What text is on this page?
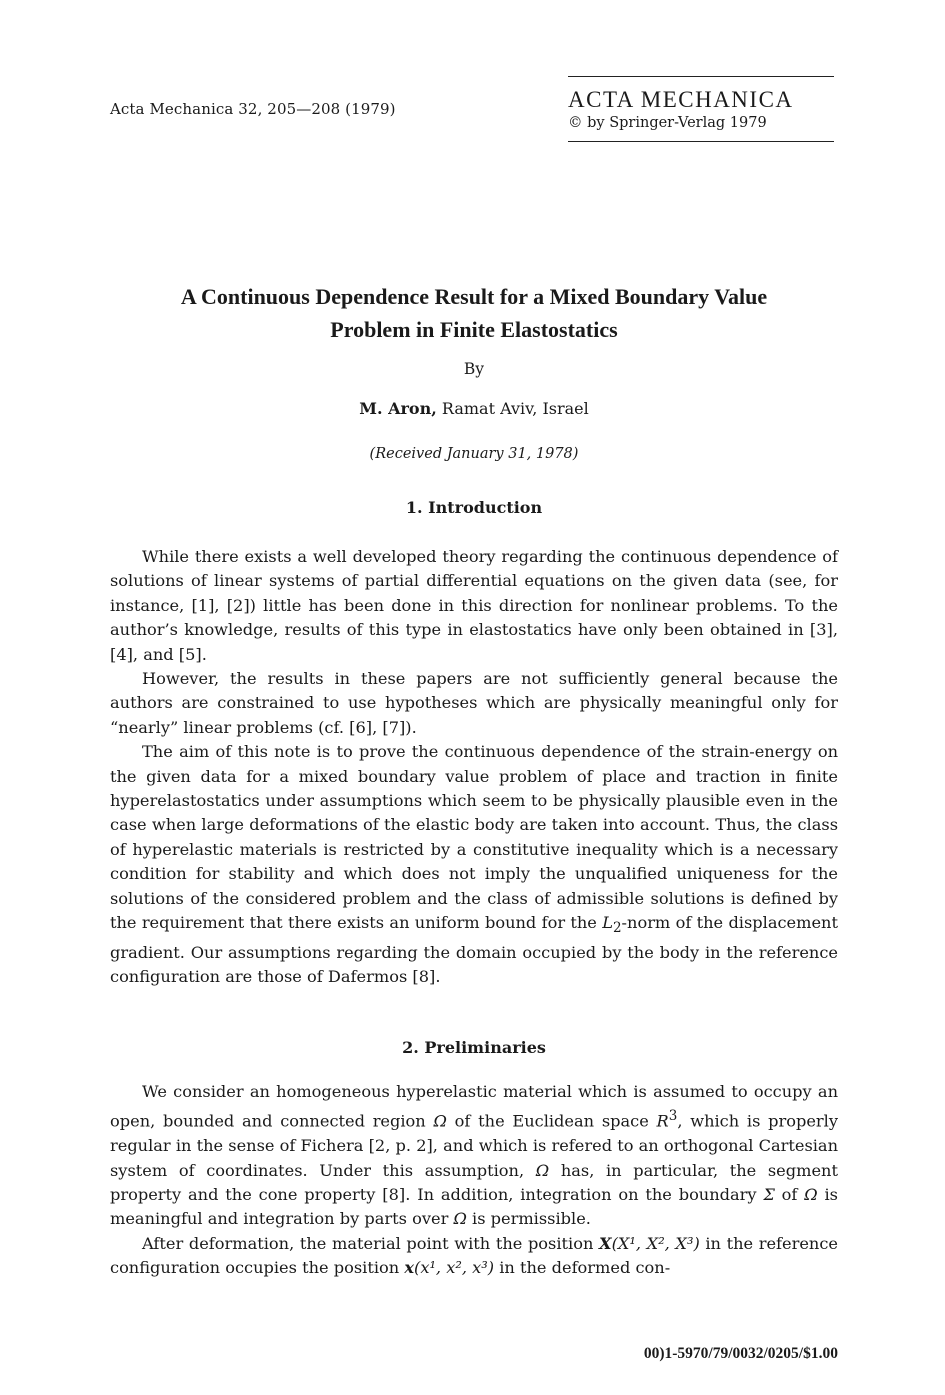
Acta Mechanica 32, 205—208 (1979)	ACTA MECHANICA
© by Springer-Verlag 1979
A Continuous Dependence Result for a Mixed Boundary Value
Problem in Finite Elastostatics
By
M. Aron, Ramat Aviv, Israel
(Received January 31, 1978)
1. Introduction

While there exists a well developed theory regarding the continuous dependence of solutions of linear systems of partial differential equations on the given data (see, for instance, [1], [2]) little has been done in this direction for nonlinear problems. To the author’s knowledge, results of this type in elastostatics have only been obtained in [3], [4], and [5].

However, the results in these papers are not sufficiently general because the authors are constrained to use hypotheses which are physically meaningful only for “nearly” linear problems (cf. [6], [7]).

The aim of this note is to prove the continuous dependence of the strain-energy on the given data for a mixed boundary value problem of place and traction in finite hyperelastostatics under assumptions which seem to be physically plausible even in the case when large deformations of the elastic body are taken into account. Thus, the class of hyperelastic materials is restricted by a constitutive inequality which is a necessary condition for stability and which does not imply the unqualified uniqueness for the solutions of the considered problem and the class of admissible solutions is defined by the requirement that there exists an uniform bound for the $L_2$-norm of the displacement gradient. Our assumptions regarding the domain occupied by the body in the reference configuration are those of Dafermos [8].

2. Preliminaries

We consider an homogeneous hyperelastic material which is assumed to occupy an open, bounded and connected region Ω of the Euclidean space $R^3$, which is properly regular in the sense of Fichera [2, p. 2], and which is refered to an orthogonal Cartesian system of coordinates. Under this assumption, Ω has, in particular, the segment property and the cone property [8]. In addition, integration on the boundary Σ of Ω is meaningful and integration by parts over Ω is permissible.

After deformation, the material point with the position X(X¹, X², X³) in the reference configuration occupies the position x(x¹, x², x³) in the deformed con-

00)1-5970/79/0032/0205/$1.00
